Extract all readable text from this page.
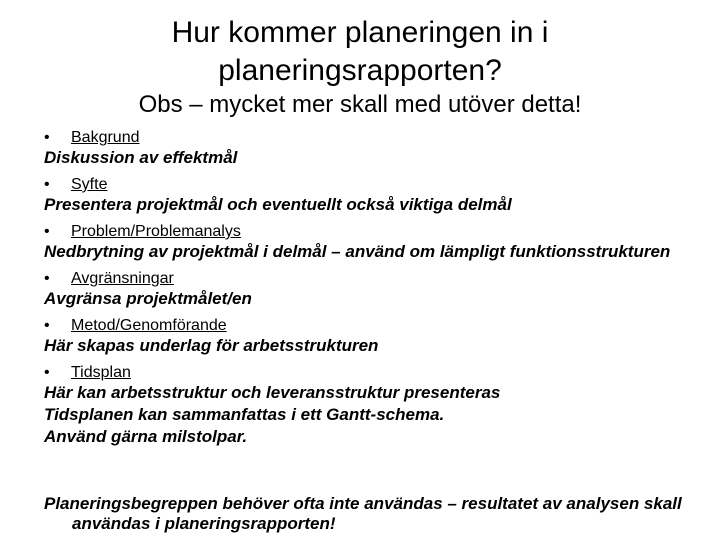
Hur kommer planeringen in i
planeringsrapporten?
Obs – mycket mer skall med utöver detta!
• Bakgrund
Diskussion av effektmål
• Syfte
Presentera projektmål och eventuellt också viktiga delmål
• Problem/Problemanalys
Nedbrytning av projektmål i delmål – använd om lämpligt funktionsstrukturen
• Avgränsningar
Avgränsa projektmålet/en
• Metod/Genomförande
Här skapas underlag för arbetsstrukturen
• Tidsplan
Här kan arbetsstruktur och leveransstruktur presenteras
Tidsplanen kan sammanfattas i ett Gantt-schema.
Använd gärna milstolpar.
Planeringsbegreppen behöver ofta inte användas – resultatet av analysen skall användas i planeringsrapporten!
